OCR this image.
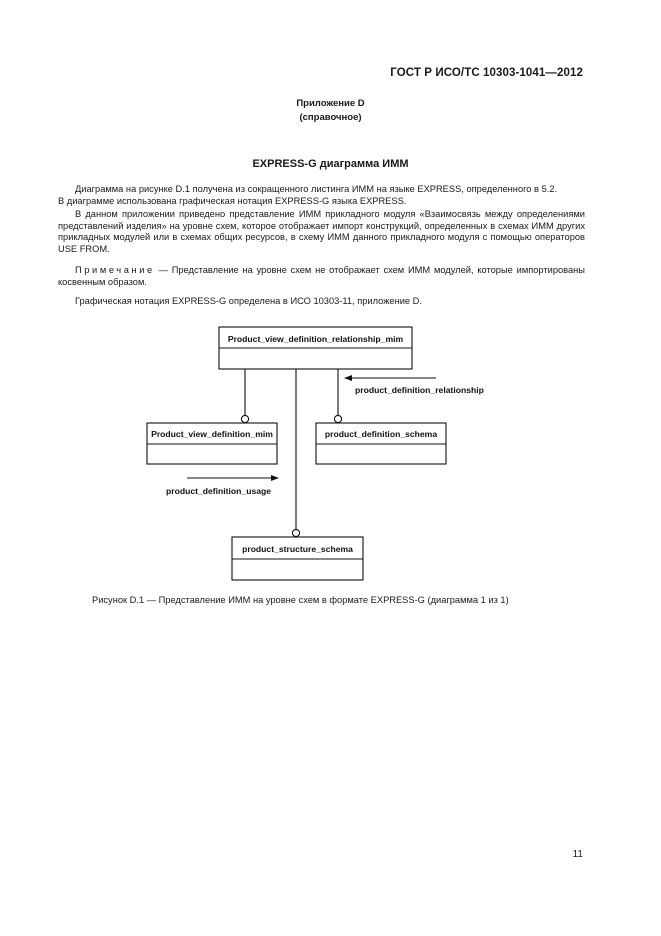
ГОСТ Р ИСО/ТС 10303-1041—2012
Приложение D
(справочное)
EXPRESS-G диаграмма ИММ

Диаграмма на рисунке D.1 получена из сокращенного листинга ИММ на языке EXPRESS, определенного в 5.2.

В диаграмме использована графическая нотация EXPRESS-G языка EXPRESS.

В данном приложении приведено представление ИММ прикладного модуля «Взаимосвязь между определениями представлений изделия» на уровне схем, которое отображает импорт конструкций, определенных в схемах ИММ других прикладных модулей или в схемах общих ресурсов, в схему ИММ данного прикладного модуля с помощью операторов USE FROM.

Примечание — Представление на уровне схем не отображает схем ИММ модулей, которые импортированы косвенным образом.

Графическая нотация EXPRESS-G определена в ИСО 10303-11, приложение D.

Product_view_definition_relationship_mim
Product_view_definition_mim	product_definition_schema
product_structure_schema
product_definition_relationship
product_definition_usage
Рисунок D.1 — Представление ИММ на уровне схем в формате EXPRESS-G (диаграмма 1 из 1)
11
